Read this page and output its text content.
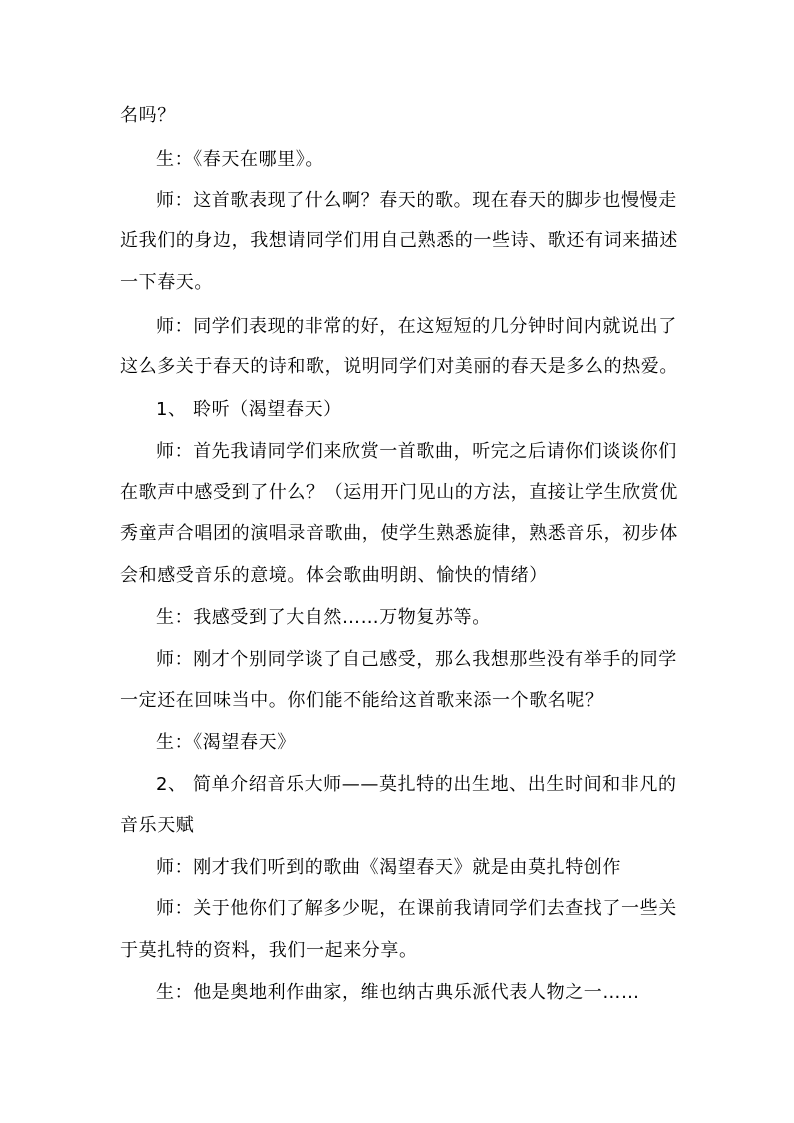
名吗？
生：《春天在哪里》。
师：这首歌表现了什么啊？春天的歌。现在春天的脚步也慢慢走
近我们的身边，我想请同学们用自己熟悉的一些诗、歌还有词来描述
一下春天。
师：同学们表现的非常的好，在这短短的几分钟时间内就说出了
这么多关于春天的诗和歌，说明同学们对美丽的春天是多么的热爱。
1、 聆听（渴望春天）
师：首先我请同学们来欣赏一首歌曲，听完之后请你们谈谈你们
在歌声中感受到了什么？（运用开门见山的方法，直接让学生欣赏优
秀童声合唱团的演唱录音歌曲，使学生熟悉旋律，熟悉音乐，初步体
会和感受音乐的意境。体会歌曲明朗、愉快的情绪）
生：我感受到了大自然……万物复苏等。
师：刚才个别同学谈了自己感受，那么我想那些没有举手的同学
一定还在回味当中。你们能不能给这首歌来添一个歌名呢？
生：《渴望春天》
2、 简单介绍音乐大师——莫扎特的出生地、出生时间和非凡的
音乐天赋
师：刚才我们听到的歌曲《渴望春天》就是由莫扎特创作
师：关于他你们了解多少呢，在课前我请同学们去查找了一些关
于莫扎特的资料，我们一起来分享。
生：他是奥地利作曲家，维也纳古典乐派代表人物之一……
